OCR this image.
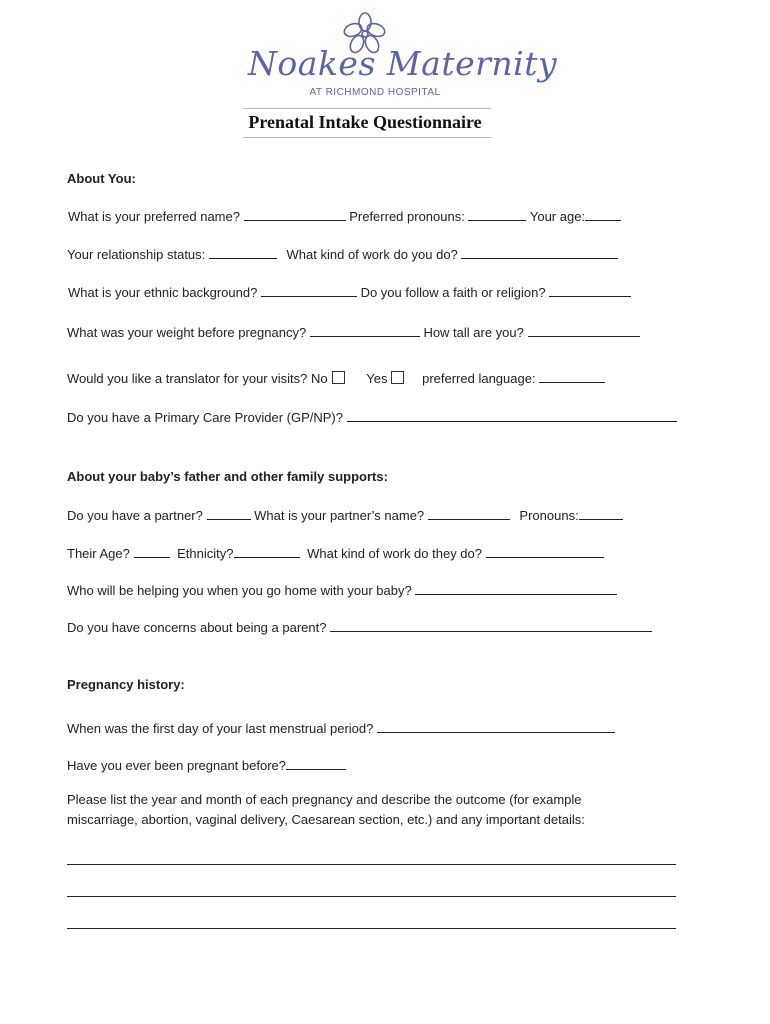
Noakes Maternity
AT RICHMOND HOSPITAL
Prenatal Intake Questionnaire
About You:
What is your preferred name?	Preferred pronouns:	Your age:
Your relationship status:	What kind of work do you do?
What is your ethnic background?	Do you follow a faith or religion?
What was your weight before pregnancy?	How tall are you?
Would you like a translator for your visits? No	Yes	preferred language:
Do you have a Primary Care Provider (GP/NP)?
About your baby’s father and other family supports:
Do you have a partner?	What is your partner’s name?	Pronouns:
Their Age?	Ethnicity?	What kind of work do they do?
Who will be helping you when you go home with your baby?
Do you have concerns about being a parent?
Pregnancy history:
When was the first day of your last menstrual period?
Have you ever been pregnant before?
Please list the year and month of each pregnancy and describe the outcome (for example
miscarriage, abortion, vaginal delivery, Caesarean section, etc.) and any important details:
